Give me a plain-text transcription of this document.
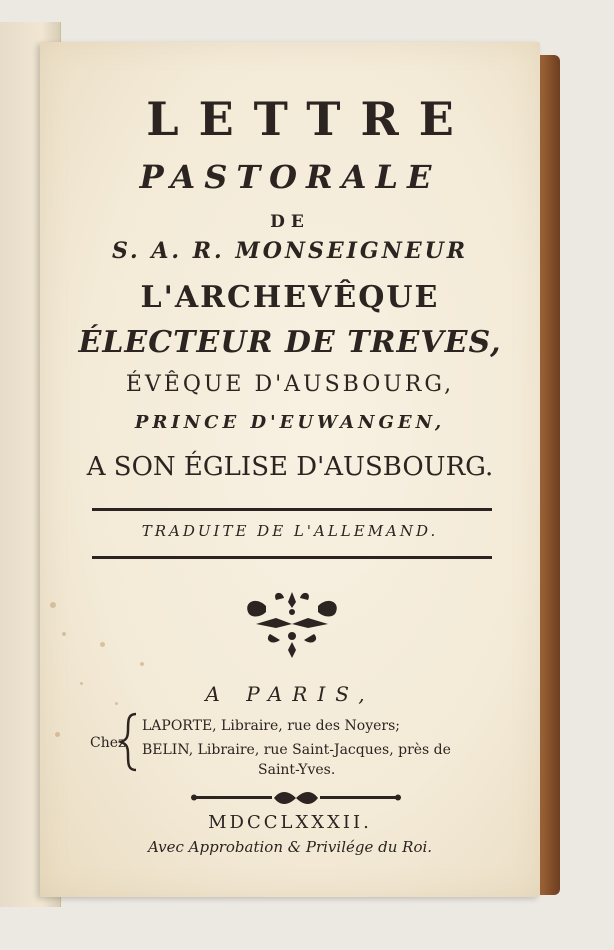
LETTRE
PASTORALE
DE
S. A. R. MONSEIGNEUR
L'ARCHEVÊQUE
ÉLECTEUR DE TREVES,
ÉVÊQUE D'AUSBOURG,
PRINCE D'EUWANGEN,
A SON ÉGLISE D'AUSBOURG.
TRADUITE DE L'ALLEMAND.
A PARIS,
Chez
LAPORTE, Libraire, rue des Noyers;
BELIN, Libraire, rue Saint-Jacques, près de
Saint-Yves.
MDCCLXXXII.
Avec Approbation & Privilége du Roi.
